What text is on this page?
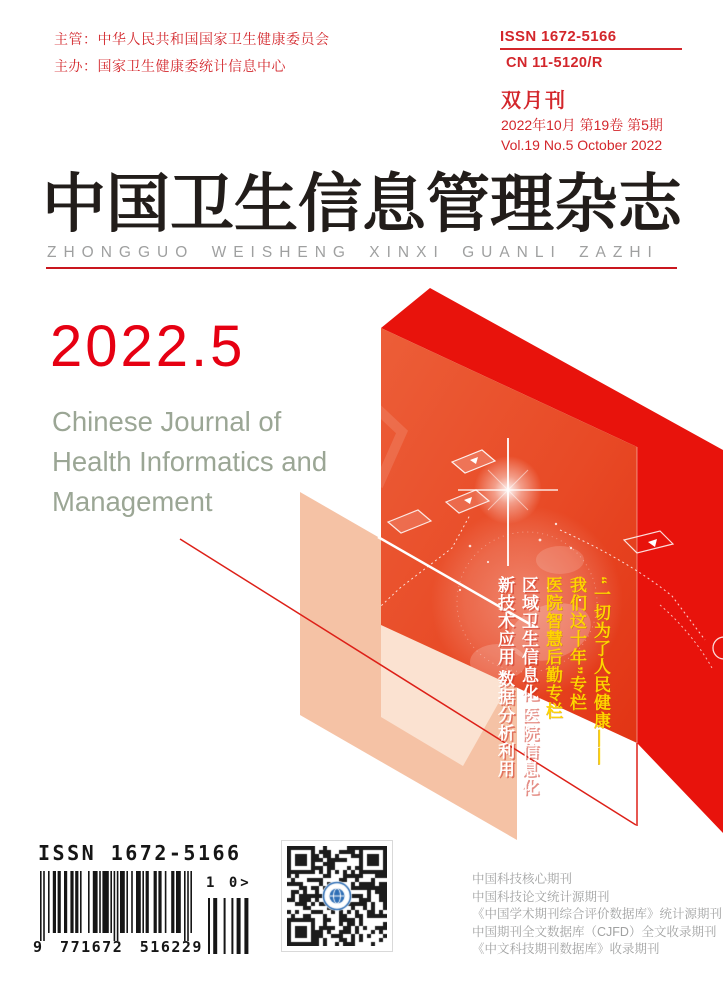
主管：中华人民共和国国家卫生健康委员会
主办：国家卫生健康委统计信息中心
ISSN 1672-5166
CN 11-5120/R
双月刊
2022年10月 第19卷 第5期
Vol.19 No.5 October 2022
中国卫生信息管理杂志
ZHONGGUO WEISHENG XINXI GUANLI ZAZHI
2022.5
Chinese Journal of
Health Informatics and
Management
“一切为了人民健康—— 我们这十年”专栏 医院智慧后勤专栏 区域卫生信息化 医院信息化 新技术应用 数据分析利用
ISSN 1672-5166
9 771672 516229
1 0>	中国科技核心期刊
中国科技论文统计源期刊
《中国学术期刊综合评价数据库》统计源期刊
中国期刊全文数据库（CJFD）全文收录期刊
《中文科技期刊数据库》收录期刊
